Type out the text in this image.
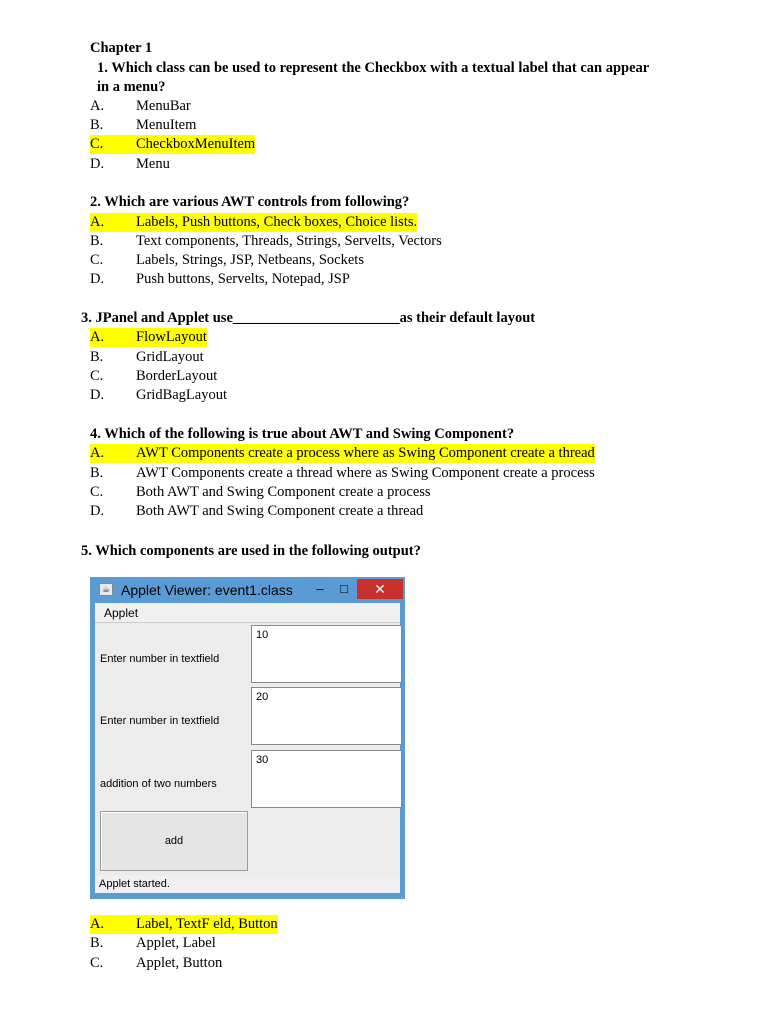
Chapter 1
1. Which class can be used to represent the Checkbox with a textual label that can appear
in a menu?
A. MenuBar
B. MenuItem
C. CheckboxMenuItem
D. Menu
2. Which are various AWT controls from following?
A. Labels, Push buttons, Check boxes, Choice lists.
B. Text components, Threads, Strings, Servelts, Vectors
C. Labels, Strings, JSP, Netbeans, Sockets
D. Push buttons, Servelts, Notepad, JSP
3. JPanel and Applet use_______________________as their default layout
A. FlowLayout
B. GridLayout
C. BorderLayout
D. GridBagLayout
4. Which of the following is true about AWT and Swing Component?
A. AWT Components create a process where as Swing Component create a thread
B. AWT Components create a thread where as Swing Component create a process
C. Both AWT and Swing Component create a process
D. Both AWT and Swing Component create a thread
5. Which components are used in the following output?
☕ Applet Viewer: event1.class	–	□	✕
Applet
Enter number in textfield
10
Enter number in textfield
20
addition of two numbers
30
add
Applet started.
A. Label, TextF eld, Button
B. Applet, Label
C. Applet, Button
